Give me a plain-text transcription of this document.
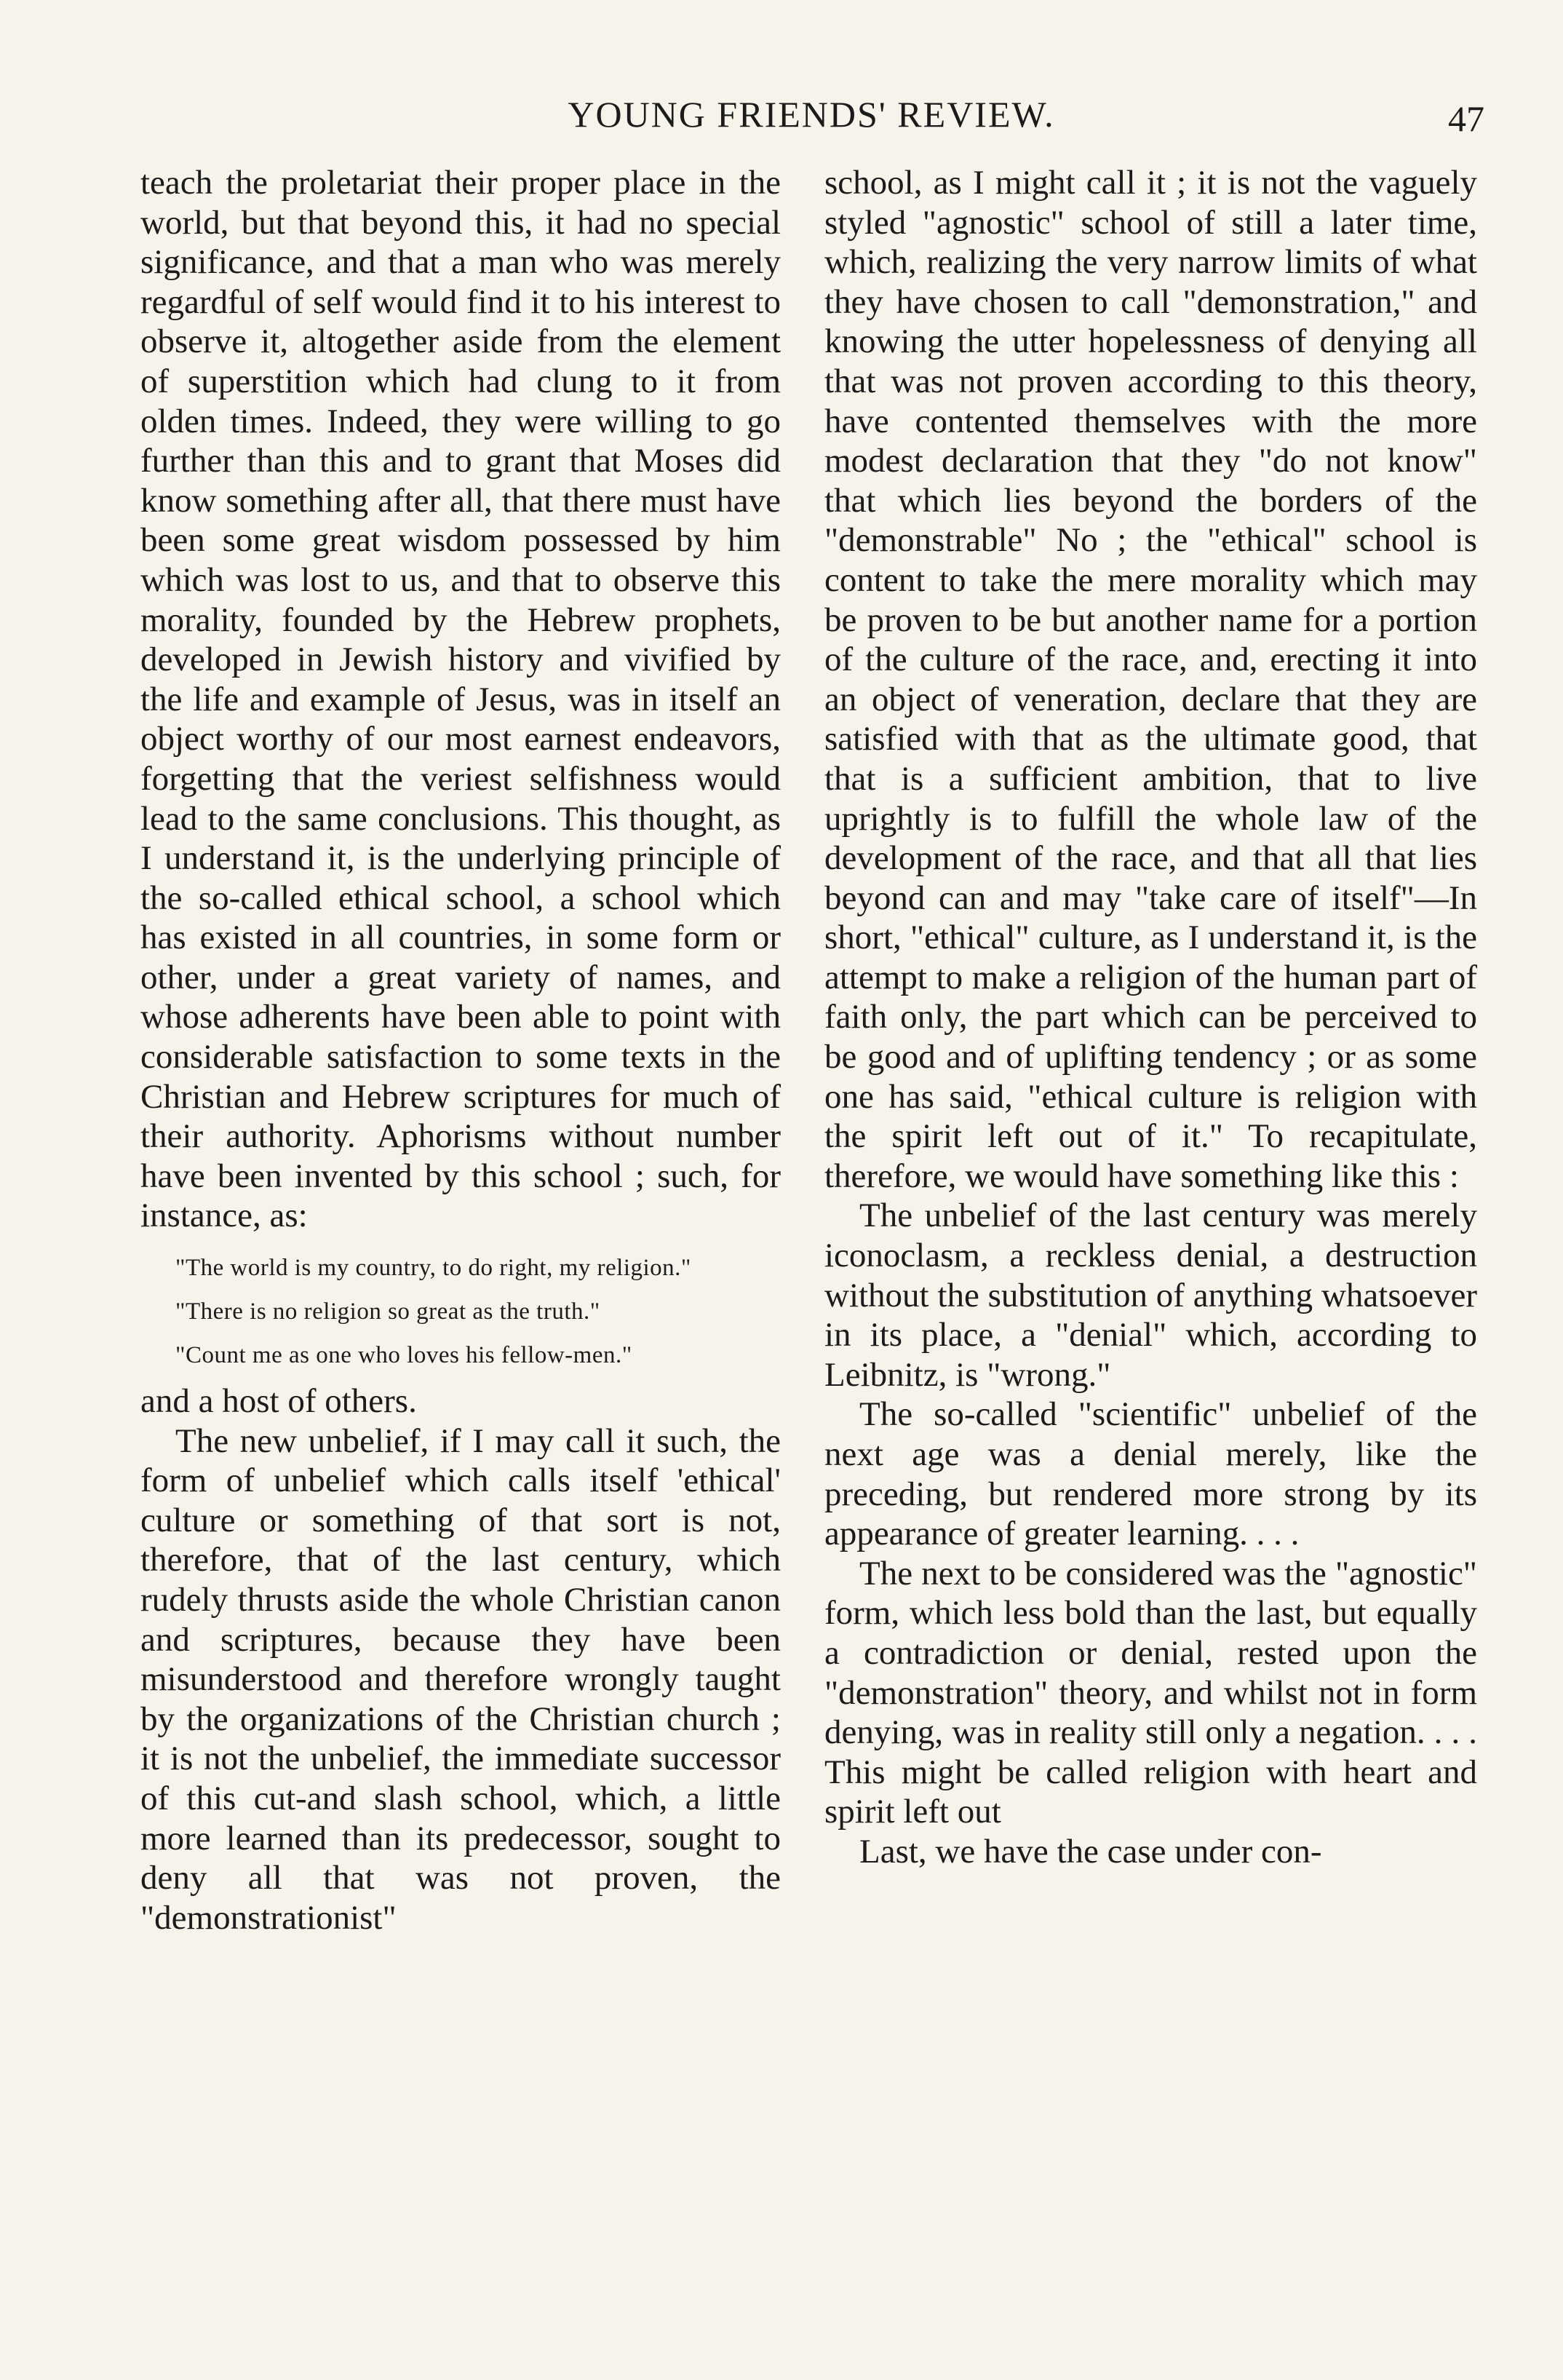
YOUNG FRIENDS' REVIEW.	47

teach the proletariat their proper place in the world, but that beyond this, it had no special significance, and that a man who was merely regardful of self would find it to his interest to observe it, altogether aside from the element of superstition which had clung to it from olden times. Indeed, they were willing to go further than this and to grant that Moses did know something after all, that there must have been some great wisdom possessed by him which was lost to us, and that to observe this morality, founded by the Hebrew prophets, developed in Jewish history and vivified by the life and example of Jesus, was in itself an object worthy of our most earnest endeavors, forgetting that the veriest selfishness would lead to the same conclusions. This thought, as I understand it, is the underlying principle of the so-called ethical school, a school which has existed in all countries, in some form or other, under a great variety of names, and whose adherents have been able to point with considerable satisfaction to some texts in the Christian and Hebrew scriptures for much of their authority. Aphorisms without number have been invented by this school ; such, for instance, as:

"The world is my country, to do right, my religion."

"There is no religion so great as the truth."

"Count me as one who loves his fellow-men."

and a host of others.

The new unbelief, if I may call it such, the form of unbelief which calls itself 'ethical' culture or something of that sort is not, therefore, that of the last century, which rudely thrusts aside the whole Christian canon and scriptures, because they have been misunderstood and therefore wrongly taught by the organizations of the Christian church ; it is not the unbelief, the immediate successor of this cut-and slash school, which, a little more learned than its predecessor, sought to deny all that was not proven, the "demonstrationist"

school, as I might call it ; it is not the vaguely styled "agnostic" school of still a later time, which, realizing the very narrow limits of what they have chosen to call "demonstration," and knowing the utter hopelessness of denying all that was not proven according to this theory, have contented themselves with the more modest declaration that they "do not know" that which lies beyond the borders of the "demonstrable" No ; the "ethical" school is content to take the mere morality which may be proven to be but another name for a portion of the culture of the race, and, erecting it into an object of veneration, declare that they are satisfied with that as the ultimate good, that that is a sufficient ambition, that to live uprightly is to fulfill the whole law of the development of the race, and that all that lies beyond can and may "take care of itself"—In short, "ethical" culture, as I understand it, is the attempt to make a religion of the human part of faith only, the part which can be perceived to be good and of uplifting tendency ; or as some one has said, "ethical culture is religion with the spirit left out of it." To recapitulate, therefore, we would have something like this :

The unbelief of the last century was merely iconoclasm, a reckless denial, a destruction without the substitution of anything whatsoever in its place, a "denial" which, according to Leibnitz, is "wrong."

The so-called "scientific" unbelief of the next age was a denial merely, like the preceding, but rendered more strong by its appearance of greater learning. . . .

The next to be considered was the "agnostic" form, which less bold than the last, but equally a contradiction or denial, rested upon the "demonstration" theory, and whilst not in form denying, was in reality still only a negation. . . . This might be called religion with heart and spirit left out

Last, we have the case under con-
